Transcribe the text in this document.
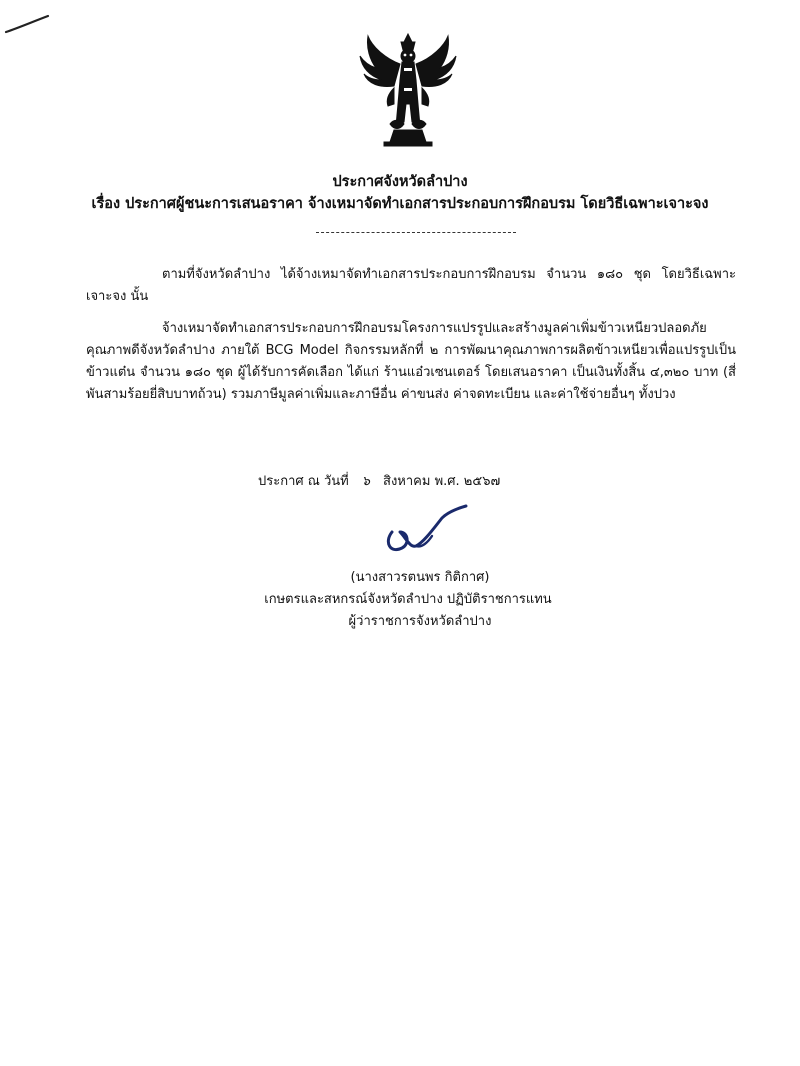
ประกาศจังหวัดลำปาง
เรื่อง ประกาศผู้ชนะการเสนอราคา จ้างเหมาจัดทำเอกสารประกอบการฝึกอบรม โดยวิธีเฉพาะเจาะจง

ตามที่จังหวัดลำปาง ได้จ้างเหมาจัดทำเอกสารประกอบการฝึกอบรม จำนวน ๑๘๐ ชุด โดยวิธีเฉพาะเจาะจง นั้น

จ้างเหมาจัดทำเอกสารประกอบการฝึกอบรมโครงการแปรรูปและสร้างมูลค่าเพิ่มข้าวเหนียวปลอดภัยคุณภาพดีจังหวัดลำปาง ภายใต้ BCG Model กิจกรรมหลักที่ ๒ การพัฒนาคุณภาพการผลิตข้าวเหนียวเพื่อแปรรูปเป็นข้าวแต๋น จำนวน ๑๘๐ ชุด ผู้ได้รับการคัดเลือก ได้แก่ ร้านแอ๋วเซนเตอร์ โดยเสนอราคา เป็นเงินทั้งสิ้น ๔,๓๒๐ บาท (สี่พันสามร้อยยี่สิบบาทถ้วน) รวมภาษีมูลค่าเพิ่มและภาษีอื่น ค่าขนส่ง ค่าจดทะเบียน และค่าใช้จ่ายอื่นๆ ทั้งปวง

ประกาศ ณ วันที่ ๖ สิงหาคม พ.ศ. ๒๕๖๗
(นางสาวรตนพร กิติกาศ)
เกษตรและสหกรณ์จังหวัดลำปาง ปฏิบัติราชการแทน
ผู้ว่าราชการจังหวัดลำปาง
